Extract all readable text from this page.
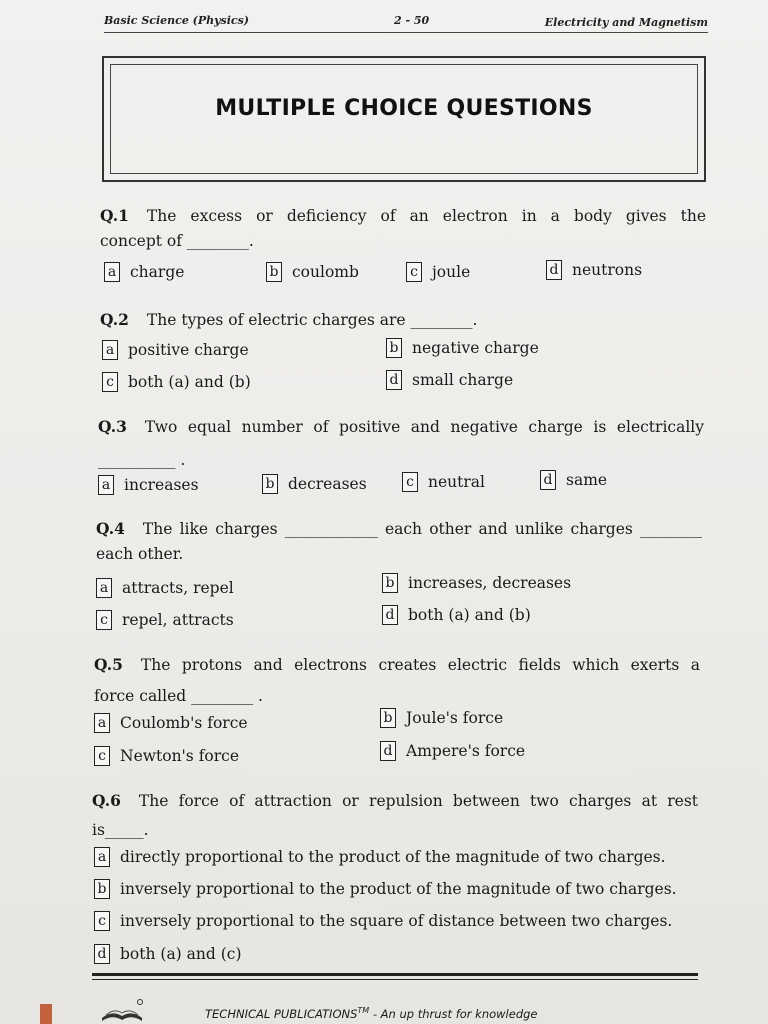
Basic Science (Physics)	2 - 50	Electricity and Magnetism
MULTIPLE CHOICE QUESTIONS
Q.1 The excess or deficiency of an electron in a body gives the
concept of ________.
a charge	b coulomb	c joule	d neutrons
Q.2 The types of electric charges are ________.
a positive charge	b negative charge
c both (a) and (b)	d small charge
Q.3 Two equal number of positive and negative charge is electrically
__________ .
a increases	b decreases	c neutral	d same
Q.4 The like charges ____________ each other and unlike charges ________
each other.
a attracts, repel	b increases, decreases
c repel, attracts	d both (a) and (b)
Q.5 The protons and electrons creates electric fields which exerts a
force called ________ .
a Coulomb's force	b Joule's force
c Newton's force	d Ampere's force
Q.6 The force of attraction or repulsion between two charges at rest
is_____.
a directly proportional to the product of the magnitude of two charges.
b inversely proportional to the product of the magnitude of two charges.
c inversely proportional to the square of distance between two charges.
d both (a) and (c)
TECHNICAL PUBLICATIONS™ - An up thrust for knowledge
